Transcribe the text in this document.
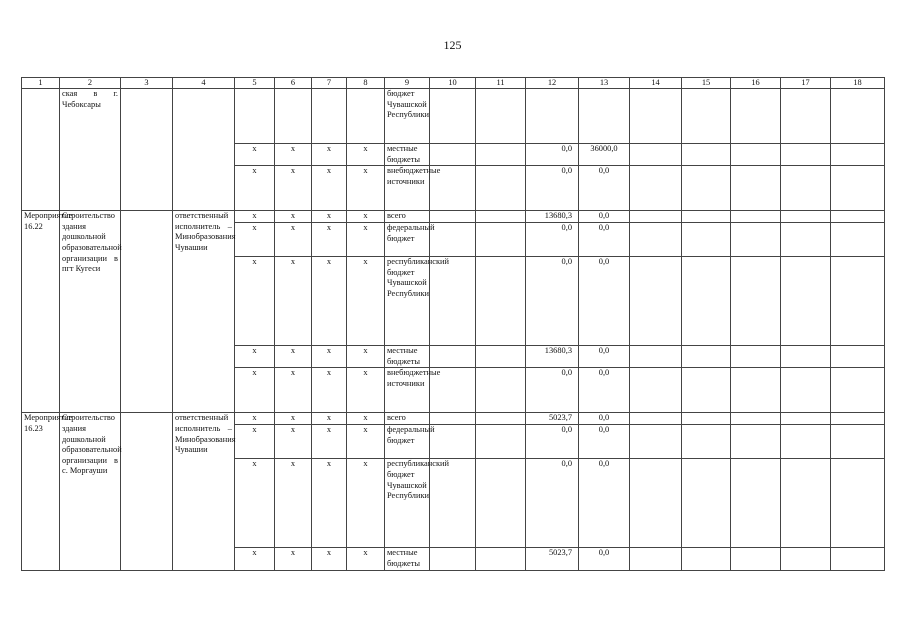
125
1	2	3	4	5	6	7	8	9	10	11	12	13	14	15	16	17	18
	ская в г. Чебоксары							бюджет Чувашской Республики									
				х	х	х	х	местные бюджеты			0,0	36000,0					
				х	х	х	х	внебюджетные источники			0,0	0,0					
Мероприятие 16.22	Строительство здания дошкольной образовательной организации в пгт Кугеси		ответственный исполнитель – Минобразования Чувашии	х	х	х	х	всего			13680,3	0,0					
				х	х	х	х	федеральный бюджет			0,0	0,0					
				х	х	х	х	республиканский бюджет Чувашской Республики			0,0	0,0					
				х	х	х	х	местные бюджеты			13680,3	0,0					
				х	х	х	х	внебюджетные источники			0,0	0,0					
Мероприятие 16.23	Строительство здания дошкольной образовательной организации в с. Моргауши		ответственный исполнитель – Минобразования Чувашии	х	х	х	х	всего			5023,7	0,0					
				х	х	х	х	федеральный бюджет			0,0	0,0					
				х	х	х	х	республиканский бюджет Чувашской Республики			0,0	0,0					
				х	х	х	х	местные бюджеты			5023,7	0,0					
